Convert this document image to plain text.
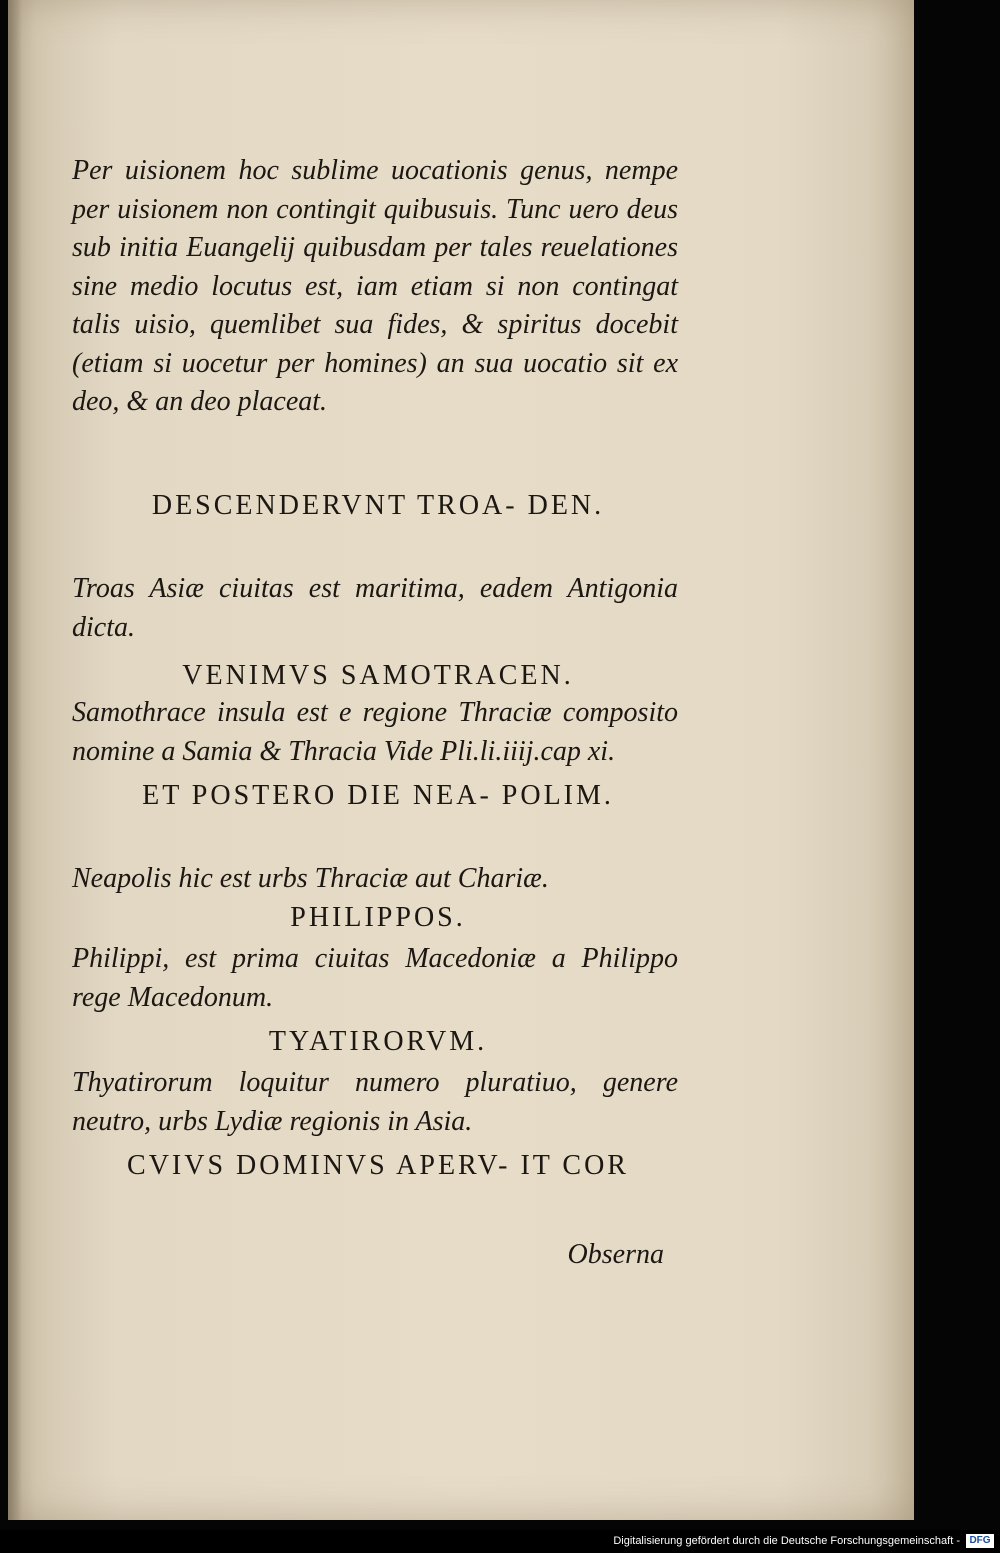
Per uisionem hoc sublime uocationis genus, nempe per uisionem non contingit quibusuis. Tunc uero deus sub initia Euangelij quibusdam per tales reuelationes sine medio locutus est, iam etiam si non contingat talis uisio, quemlibet sua fides, & spiritus docebit (etiam si uocetur per homines) an sua uocatio sit ex deo, & an deo placeat.

DESCENDERVNT TROA- DEN.

Troas Asiæ ciuitas est maritima, eadem Antigonia dicta.

VENIMVS SAMOTRACEN.

Samothrace insula est e regione Thraciæ composito nomine a Samia & Thracia Vide Pli.li.iiij.cap xi.

ET POSTERO DIE NEA- POLIM.

Neapolis hic est urbs Thraciæ aut Chariæ.

PHILIPPOS.

Philippi, est prima ciuitas Macedoniæ a Philippo rege Macedonum.

TYATIRORVM.

Thyatirorum loquitur numero pluratiuo, genere neutro, urbs Lydiæ regionis in Asia.

CVIVS DOMINVS APERV- IT COR

Obserna

Digitalisierung gefördert durch die Deutsche Forschungsgemeinschaft - DFG
